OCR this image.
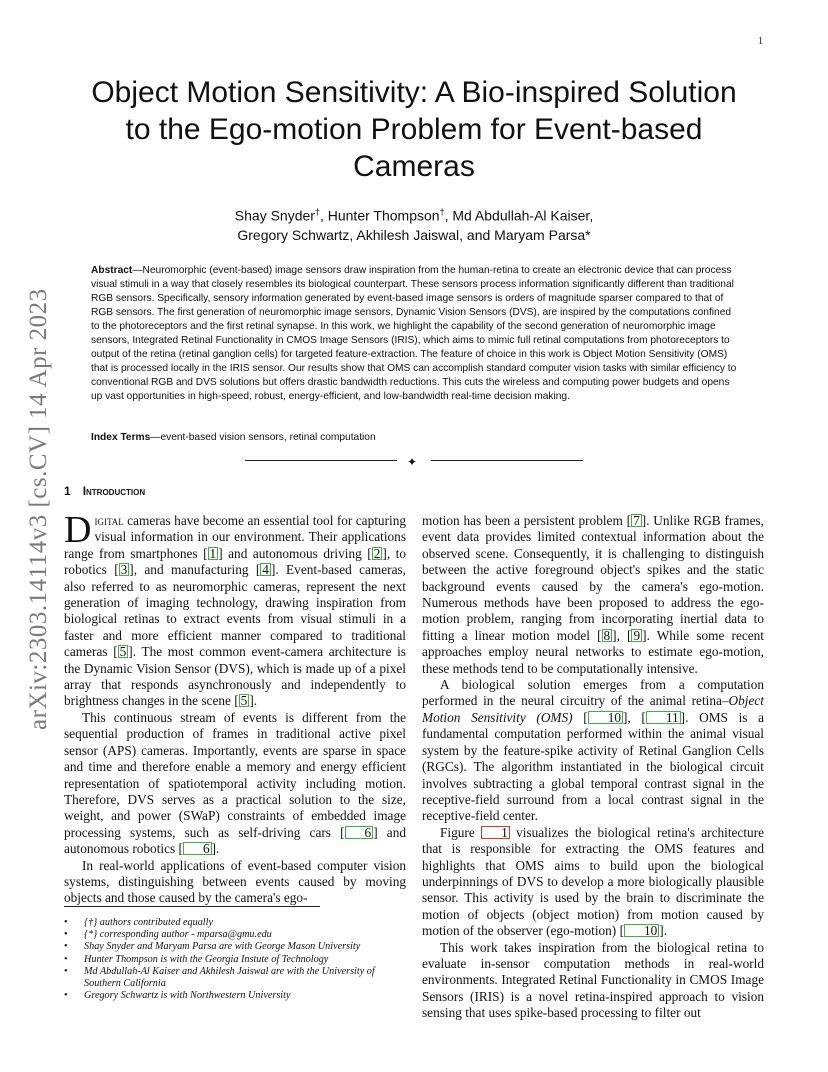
1
arXiv:2303.14114v3 [cs.CV] 14 Apr 2023
Object Motion Sensitivity: A Bio-inspired Solution to the Ego-motion Problem for Event-based Cameras
Shay Snyder†, Hunter Thompson†, Md Abdullah-Al Kaiser,
Gregory Schwartz, Akhilesh Jaiswal, and Maryam Parsa*
Abstract—Neuromorphic (event-based) image sensors draw inspiration from the human-retina to create an electronic device that can process visual stimuli in a way that closely resembles its biological counterpart. These sensors process information significantly different than traditional RGB sensors. Specifically, sensory information generated by event-based image sensors is orders of magnitude sparser compared to that of RGB sensors. The first generation of neuromorphic image sensors, Dynamic Vision Sensors (DVS), are inspired by the computations confined to the photoreceptors and the first retinal synapse. In this work, we highlight the capability of the second generation of neuromorphic image sensors, Integrated Retinal Functionality in CMOS Image Sensors (IRIS), which aims to mimic full retinal computations from photoreceptors to output of the retina (retinal ganglion cells) for targeted feature-extraction. The feature of choice in this work is Object Motion Sensitivity (OMS) that is processed locally in the IRIS sensor. Our results show that OMS can accomplish standard computer vision tasks with similar efficiency to conventional RGB and DVS solutions but offers drastic bandwidth reductions. This cuts the wireless and computing power budgets and opens up vast opportunities in high-speed, robust, energy-efficient, and low-bandwidth real-time decision making.
Index Terms—event-based vision sensors, retinal computation
✦
1 Introduction

Digital cameras have become an essential tool for capturing visual information in our environment. Their applications range from smartphones [ 1 ] and autonomous driving [ 2 ], to robotics [ 3 ], and manufacturing [ 4 ]. Event-based cameras, also referred to as neuromorphic cameras, represent the next generation of imaging technology, drawing inspiration from biological retinas to extract events from visual stimuli in a faster and more efficient manner compared to traditional cameras [ 5 ]. The most common event-camera architecture is the Dynamic Vision Sensor (DVS), which is made up of a pixel array that responds asynchronously and independently to brightness changes in the scene [ 5 ].

This continuous stream of events is different from the sequential production of frames in traditional active pixel sensor (APS) cameras. Importantly, events are sparse in space and time and therefore enable a memory and energy efficient representation of spatiotemporal activity including motion. Therefore, DVS serves as a practical solution to the size, weight, and power (SWaP) constraints of embedded image processing systems, such as self-driving cars [ 6 ] and autonomous robotics [ 6 ].

In real-world applications of event-based computer vision systems, distinguishing between events caused by moving objects and those caused by the camera's ego-

motion has been a persistent problem [ 7 ]. Unlike RGB frames, event data provides limited contextual information about the observed scene. Consequently, it is challenging to distinguish between the active foreground object's spikes and the static background events caused by the camera's ego-motion. Numerous methods have been proposed to address the ego-motion problem, ranging from incorporating inertial data to fitting a linear motion model [ 8 ], [ 9 ]. While some recent approaches employ neural networks to estimate ego-motion, these methods tend to be computationally intensive.

A biological solution emerges from a computation performed in the neural circuitry of the animal retina–Object Motion Sensitivity (OMS) [ 10 ], [ 11 ]. OMS is a fundamental computation performed within the animal visual system by the feature-spike activity of Retinal Ganglion Cells (RGCs). The algorithm instantiated in the biological circuit involves subtracting a global temporal contrast signal in the receptive-field surround from a local contrast signal in the receptive-field center.

Figure 1 visualizes the biological retina's architecture that is responsible for extracting the OMS features and highlights that OMS aims to build upon the biological underpinnings of DVS to develop a more biologically plausible sensor. This activity is used by the brain to discriminate the motion of objects (object motion) from motion caused by motion of the observer (ego-motion) [ 10 ].

This work takes inspiration from the biological retina to evaluate in-sensor computation methods in real-world environments. Integrated Retinal Functionality in CMOS Image Sensors (IRIS) is a novel retina-inspired approach to vision sensing that uses spike-based processing to filter out

• {†} authors contributed equally
• {*} corresponding author - mparsa@gmu.edu
• Shay Snyder and Maryam Parsa are with George Mason University
• Hunter Thompson is with the Georgia Instute of Technology
• Md Abdullah-Al Kaiser and Akhilesh Jaiswal are with the University of Southern California
• Gregory Schwartz is with Northwestern University
